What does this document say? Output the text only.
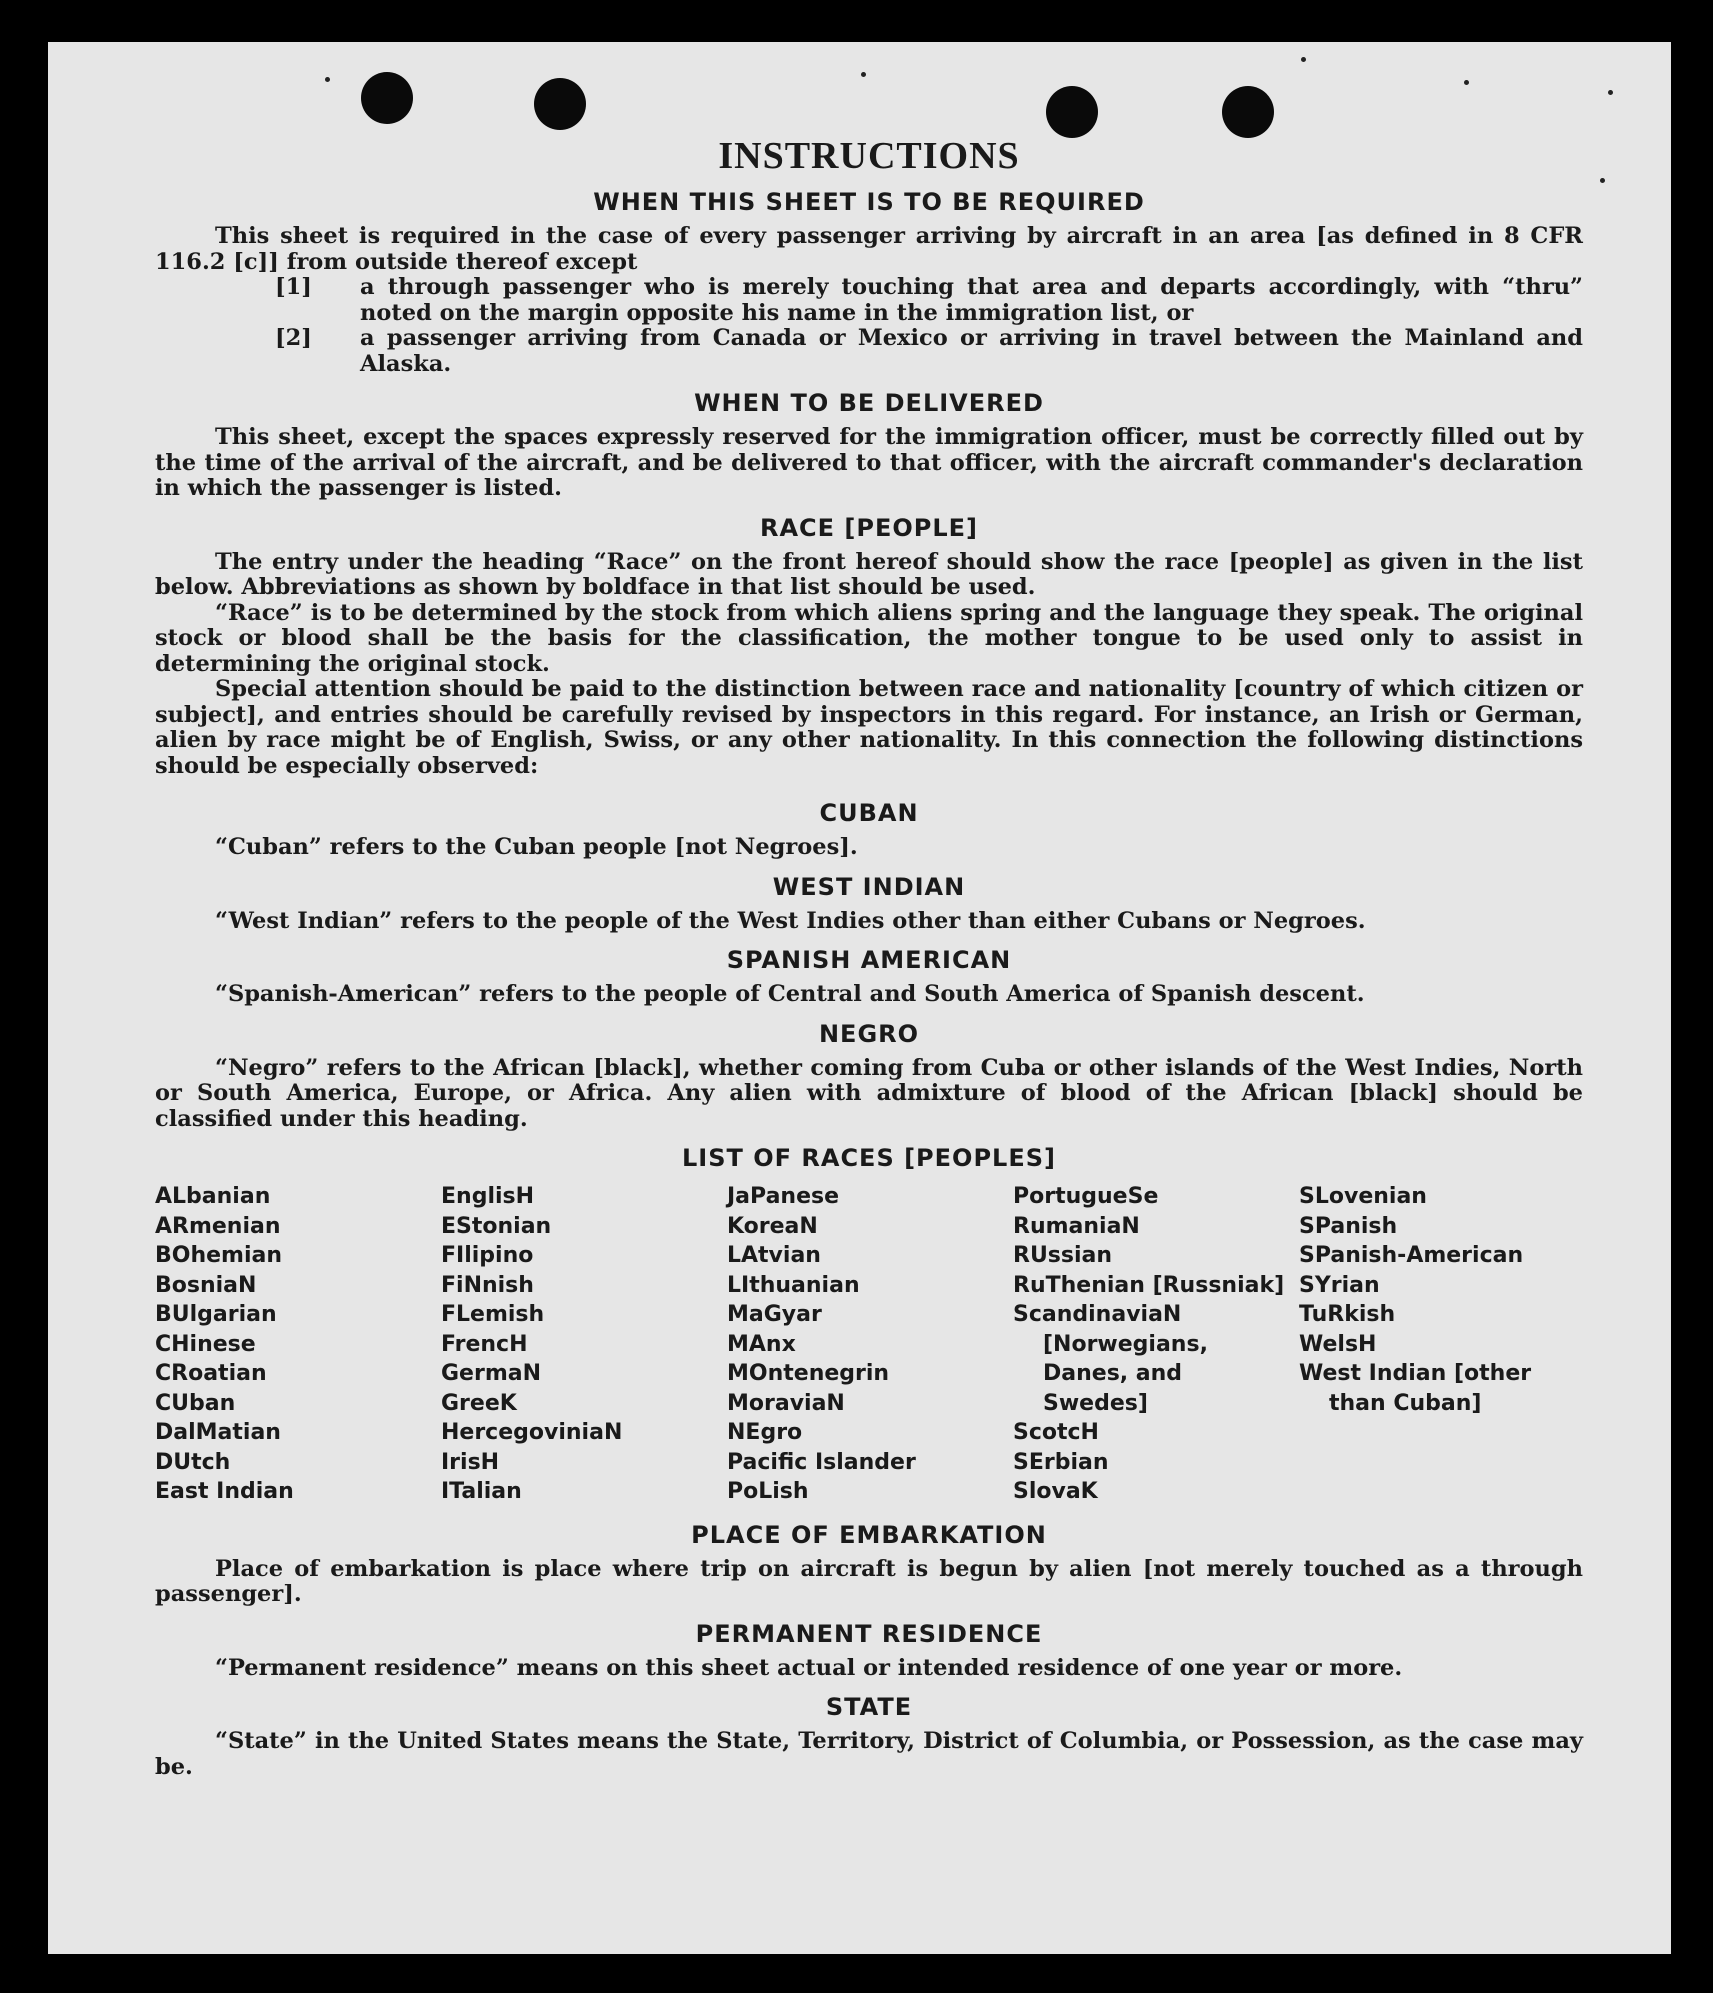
INSTRUCTIONS
WHEN THIS SHEET IS TO BE REQUIRED

This sheet is required in the case of every passenger arriving by aircraft in an area [as defined in 8 CFR 116.2 [c]] from outside thereof except

[1] a through passenger who is merely touching that area and departs accordingly, with “thru” noted on the margin opposite his name in the immigration list, or
[2] a passenger arriving from Canada or Mexico or arriving in travel between the Mainland and Alaska.
WHEN TO BE DELIVERED

This sheet, except the spaces expressly reserved for the immigration officer, must be correctly filled out by the time of the arrival of the aircraft, and be delivered to that officer, with the aircraft commander's declaration in which the passenger is listed.

RACE [PEOPLE]

The entry under the heading “Race” on the front hereof should show the race [people] as given in the list below. Abbreviations as shown by boldface in that list should be used.

“Race” is to be determined by the stock from which aliens spring and the language they speak. The original stock or blood shall be the basis for the classification, the mother tongue to be used only to assist in determining the original stock.

Special attention should be paid to the distinction between race and nationality [country of which citizen or subject], and entries should be carefully revised by inspectors in this regard. For instance, an Irish or German, alien by race might be of English, Swiss, or any other nationality. In this connection the following distinctions should be especially observed:

CUBAN

“Cuban” refers to the Cuban people [not Negroes].

WEST INDIAN

“West Indian” refers to the people of the West Indies other than either Cubans or Negroes.

SPANISH AMERICAN

“Spanish-American” refers to the people of Central and South America of Spanish descent.

NEGRO

“Negro” refers to the African [black], whether coming from Cuba or other islands of the West Indies, North or South America, Europe, or Africa. Any alien with admixture of blood of the African [black] should be classified under this heading.

LIST OF RACES [PEOPLES]
ALbanian
ARmenian
BOhemian
BosniaN
BUlgarian
CHinese
CRoatian
CUban
DalMatian
DUtch
East Indian
EnglisH
EStonian
FIlipino
FiNnish
FLemish
FrencH
GermaN
GreeK
HercegoviniaN
IrisH
ITalian
JaPanese
KoreaN
LAtvian
LIthuanian
MaGyar
MAnx
MOntenegrin
MoraviaN
NEgro
Pacific Islander
PoLish
PortugueSe
RumaniaN
RUssian
RuThenian [Russniak]
ScandinaviaN [Norwegians, Danes, and Swedes]
ScotcH
SErbian
SlovaK
SLovenian
SPanish
SPanish-American
SYrian
TuRkish
WelsH
West Indian [other than Cuban]
PLACE OF EMBARKATION

Place of embarkation is place where trip on aircraft is begun by alien [not merely touched as a through passenger].

PERMANENT RESIDENCE

“Permanent residence” means on this sheet actual or intended residence of one year or more.

STATE

“State” in the United States means the State, Territory, District of Columbia, or Possession, as the case may be.
